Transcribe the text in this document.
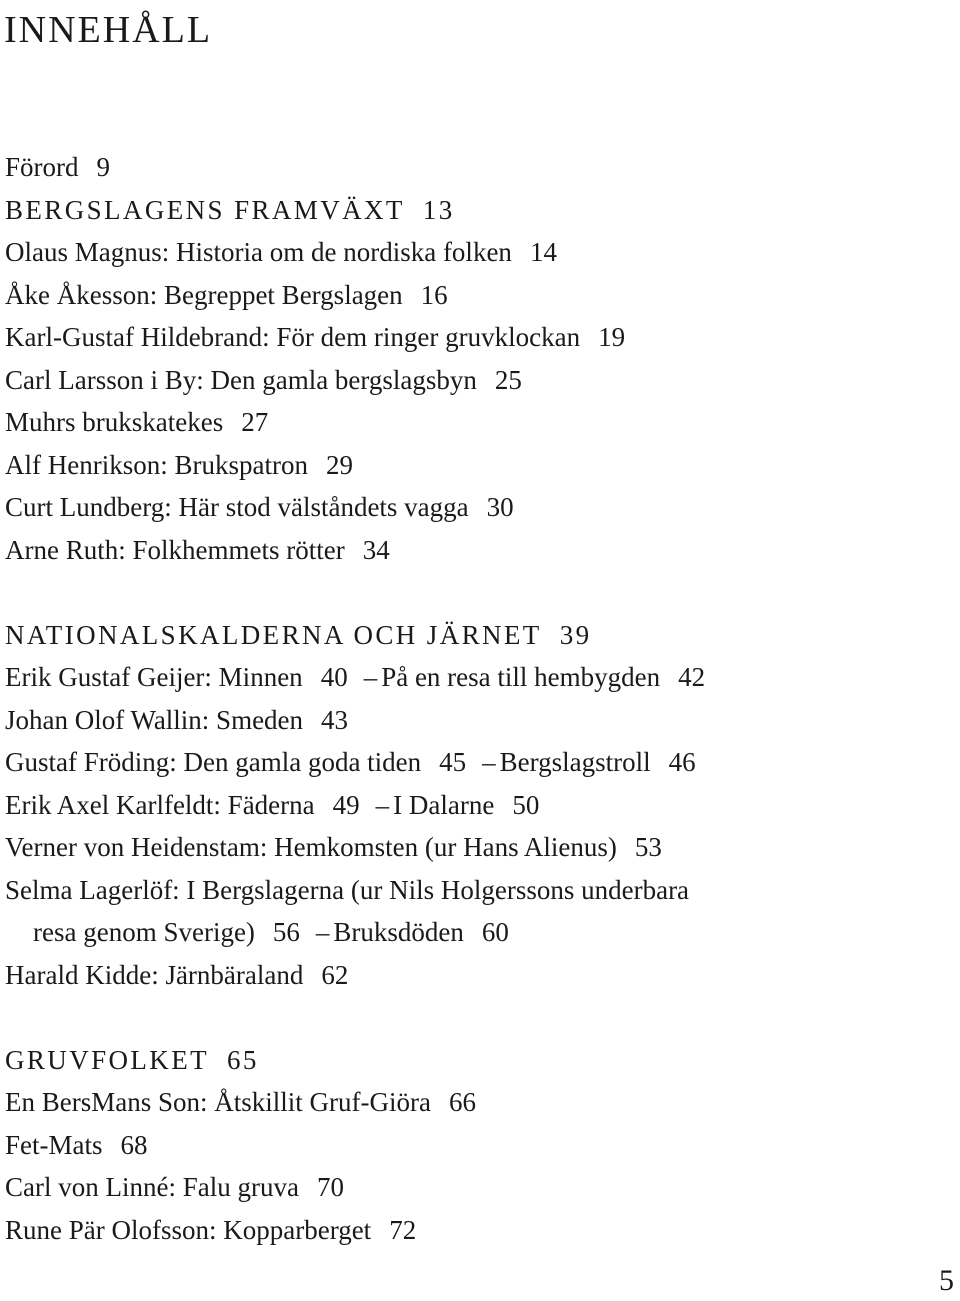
INNEHÅLL
Förord 9
BERGSLAGENS FRAMVÄXT 13
Olaus Magnus: Historia om de nordiska folken 14
Åke Åkesson: Begreppet Bergslagen 16
Karl-Gustaf Hildebrand: För dem ringer gruvklockan 19
Carl Larsson i By: Den gamla bergslagsbyn 25
Muhrs brukskatekes 27
Alf Henrikson: Brukspatron 29
Curt Lundberg: Här stod välståndets vagga 30
Arne Ruth: Folkhemmets rötter 34
NATIONALSKALDERNA OCH JÄRNET 39
Erik Gustaf Geijer: Minnen 40 – På en resa till hembygden 42
Johan Olof Wallin: Smeden 43
Gustaf Fröding: Den gamla goda tiden 45 – Bergslagstroll 46
Erik Axel Karlfeldt: Fäderna 49 – I Dalarne 50
Verner von Heidenstam: Hemkomsten (ur Hans Alienus) 53
Selma Lagerlöf: I Bergslagerna (ur Nils Holgerssons underbara
resa genom Sverige) 56 – Bruksdöden 60
Harald Kidde: Järnbäraland 62
GRUVFOLKET 65
En BersMans Son: Åtskillit Gruf-Giöra 66
Fet-Mats 68
Carl von Linné: Falu gruva 70
Rune Pär Olofsson: Kopparberget 72
5
